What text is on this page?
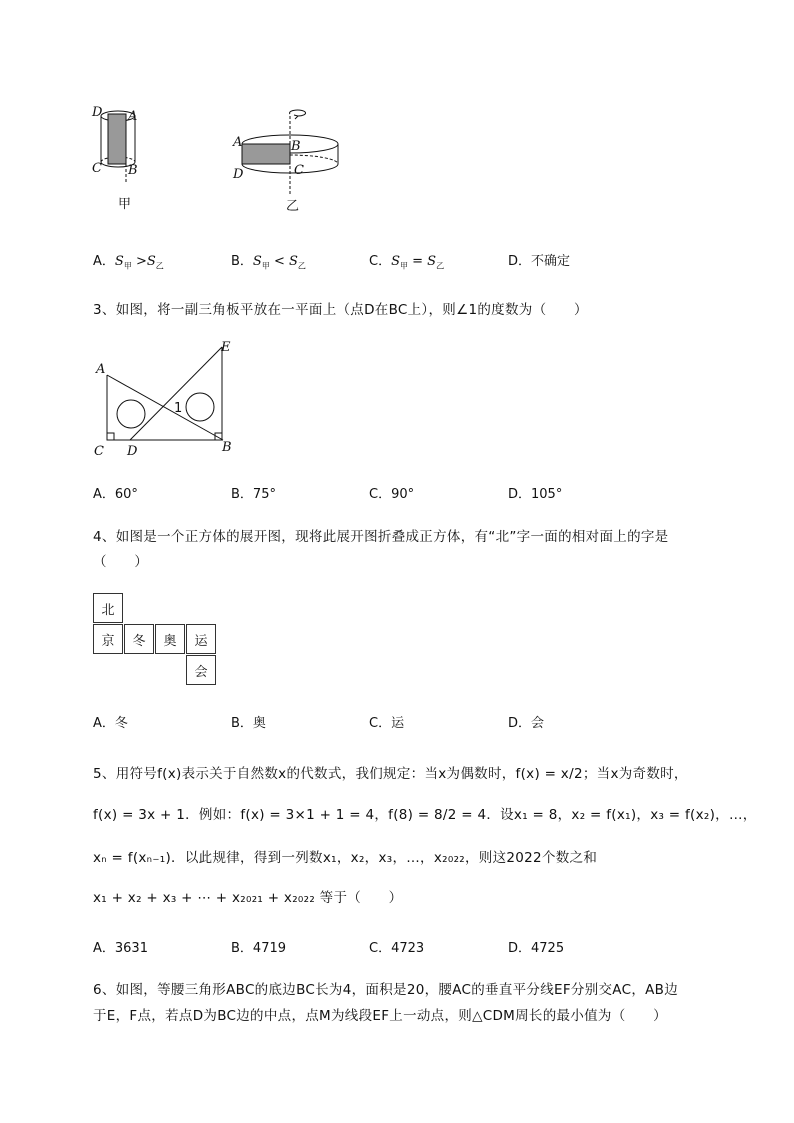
D A
C B
甲
A	B
D	C
乙
A．$S_甲 >S_乙$	B．$S_甲 < S_乙$	C．$S_甲 = S_乙$	D．不确定
3、如图，将一副三角板平放在一平面上（点D在BC上），则∠1的度数为（　　）
A
E
C D	B
1
A．60°	B．75°	C．90°	D．105°
4、如图是一个正方体的展开图，现将此展开图折叠成正方体，有“北”字一面的相对面上的字是
（　　）
北
京	冬	奥	运
会
A．冬	B．奥	C．运	D．会
5、用符号f(x)表示关于自然数x的代数式，我们规定：当x为偶数时，f(x) = x/2；当x为奇数时，
f(x) = 3x + 1．例如：f(x) = 3×1 + 1 = 4，f(8) = 8/2 = 4．设x₁ = 8，x₂ = f(x₁)，x₃ = f(x₂)，…，
xₙ = f(xₙ₋₁)．以此规律，得到一列数x₁，x₂，x₃，…，x₂₀₂₂，则这2022个数之和
x₁ + x₂ + x₃ + ⋯ + x₂₀₂₁ + x₂₀₂₂ 等于（　　）
A．3631	B．4719	C．4723	D．4725
6、如图，等腰三角形ABC的底边BC长为4，面积是20，腰AC的垂直平分线EF分别交AC，AB边
于E，F点，若点D为BC边的中点，点M为线段EF上一动点，则△CDM周长的最小值为（　　）
